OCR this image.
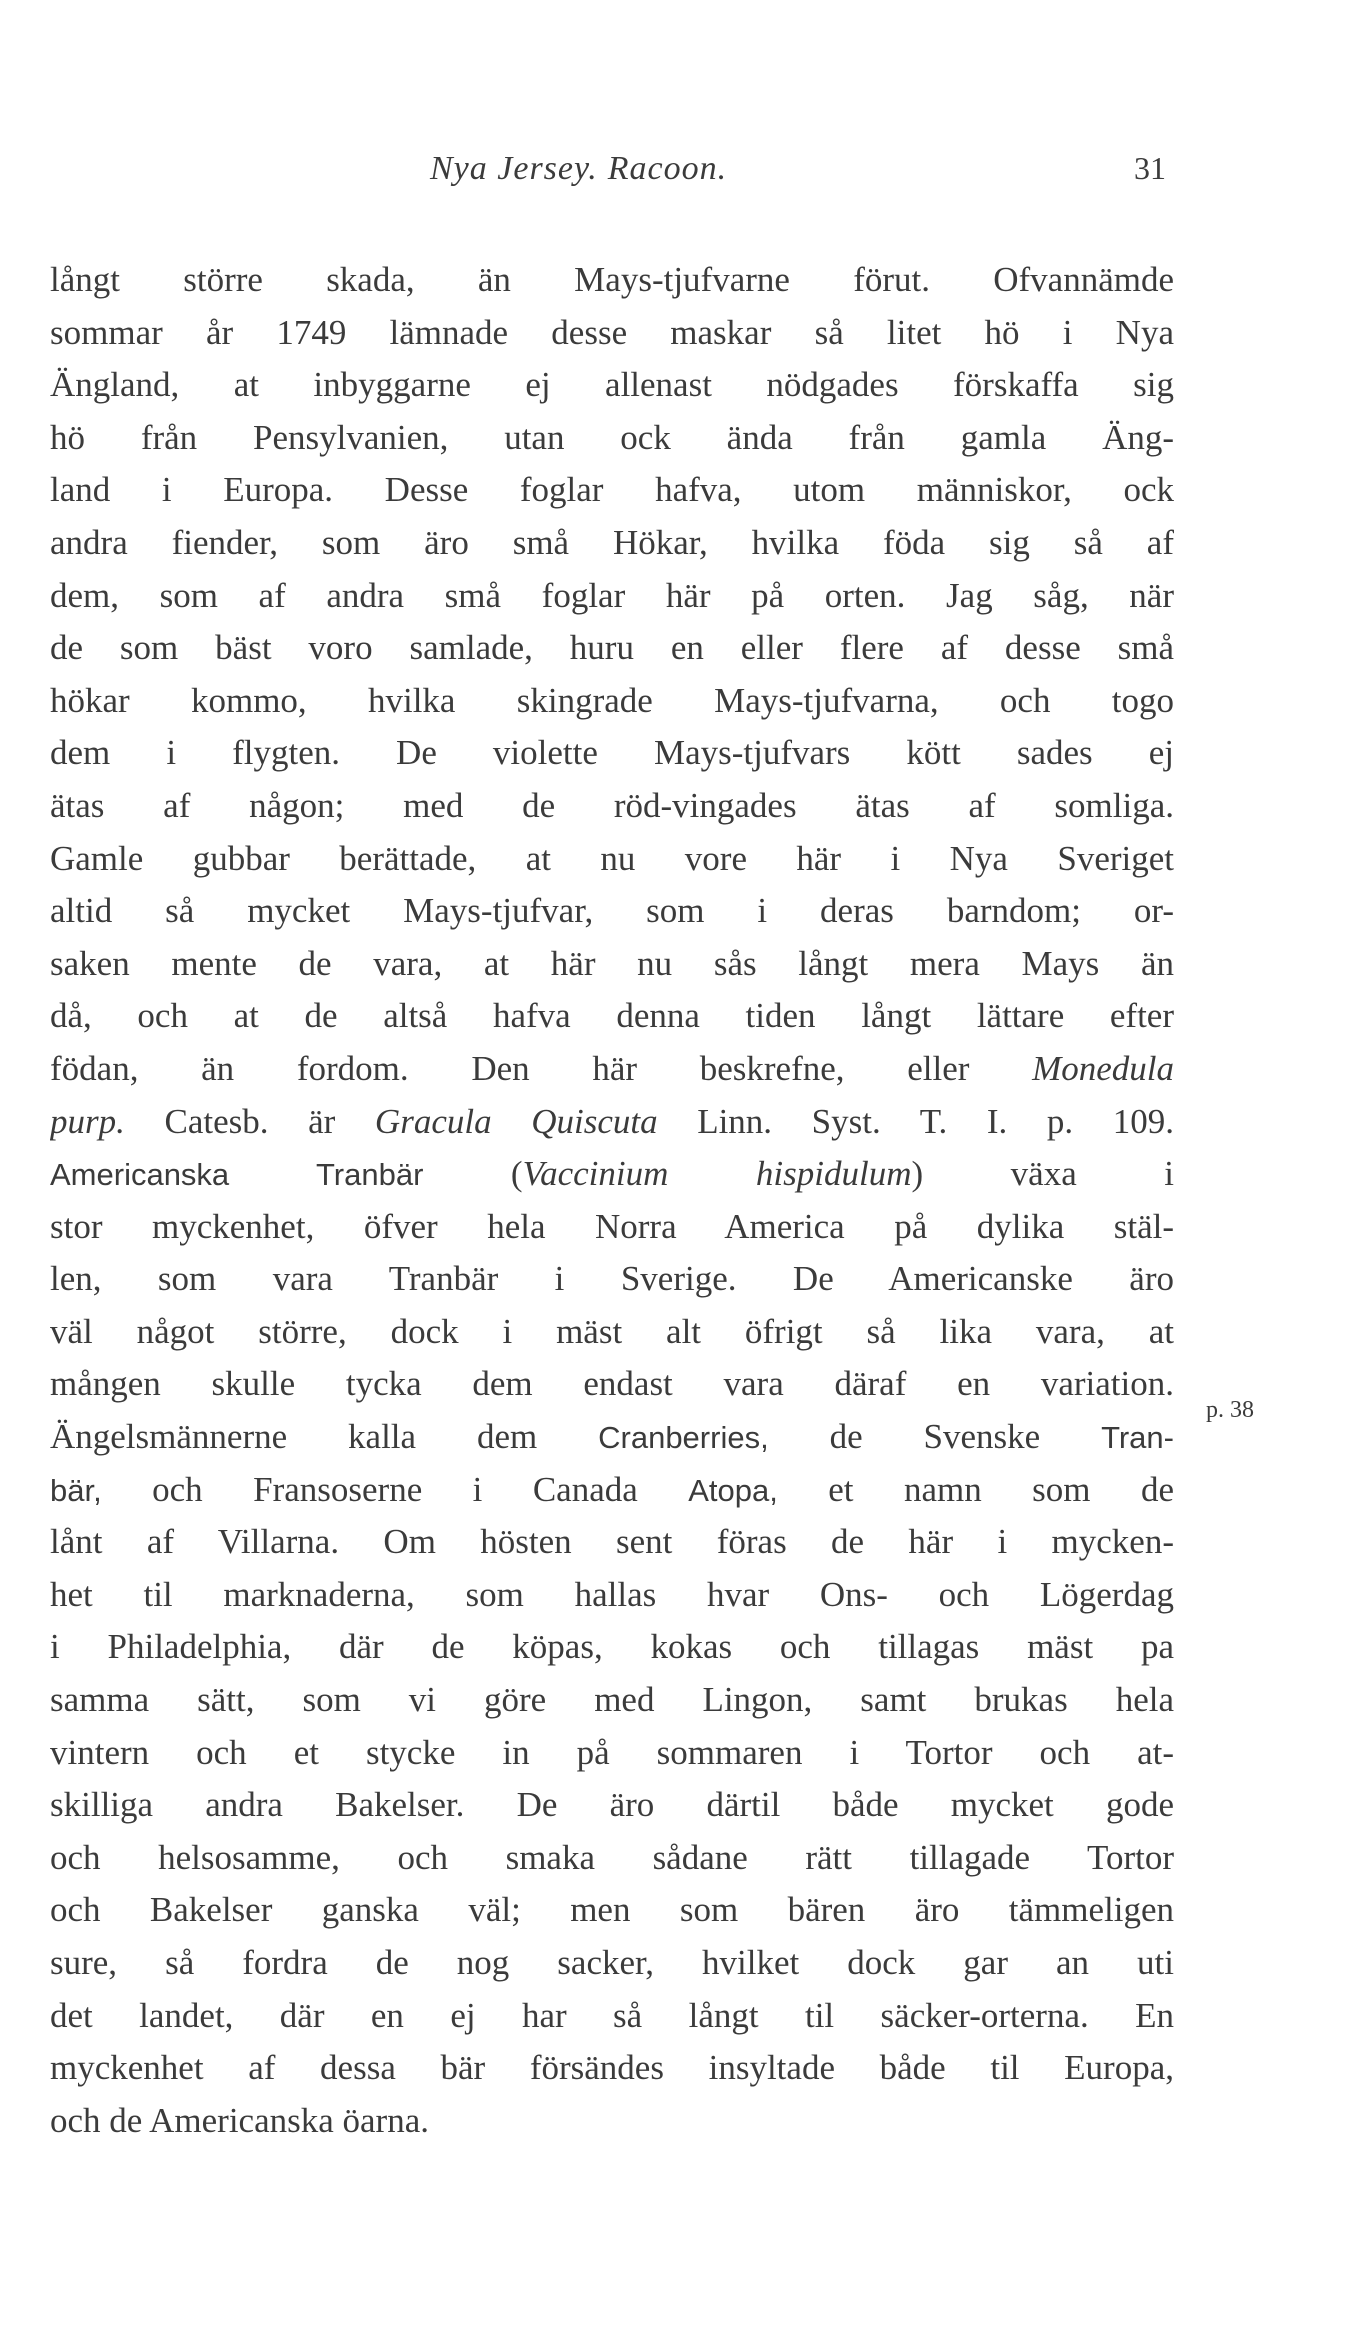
Nya Jersey. Racoon.	31
p. 38
långt större skada, än Mays-tjufvarne förut. Ofvannämde
sommar år 1749 lämnade desse maskar så litet hö i Nya
Ängland, at inbyggarne ej allenast nödgades förskaffa sig
hö från Pensylvanien, utan ock ända från gamla Äng-
land i Europa. Desse foglar hafva, utom människor, ock
andra fiender, som äro små Hökar, hvilka föda sig så af
dem, som af andra små foglar här på orten. Jag såg, när
de som bäst voro samlade, huru en eller flere af desse små
hökar kommo, hvilka skingrade Mays-tjufvarna, och togo
dem i flygten. De violette Mays-tjufvars kött sades ej
ätas af någon; med de röd-vingades ätas af somliga.
Gamle gubbar berättade, at nu vore här i Nya Sveriget
altid så mycket Mays-tjufvar, som i deras barndom; or-
saken mente de vara, at här nu sås långt mera Mays än
då, och at de altså hafva denna tiden långt lättare efter
födan, än fordom. Den här beskrefne, eller Monedula
purp. Catesb. är Gracula Quiscuta Linn. Syst. T. I. p. 109.
Americanska Tranbär (Vaccinium hispidulum) växa i
stor myckenhet, öfver hela Norra America på dylika stäl-
len, som vara Tranbär i Sverige. De Americanske äro
väl något större, dock i mäst alt öfrigt så lika vara, at
mången skulle tycka dem endast vara däraf en variation.
Ängelsmännerne kalla dem Cranberries, de Svenske Tran-
bär, och Fransoserne i Canada Atopa, et namn som de
lånt af Villarna. Om hösten sent föras de här i mycken-
het til marknaderna, som hallas hvar Ons- och Lögerdag
i Philadelphia, där de köpas, kokas och tillagas mäst pa
samma sätt, som vi göre med Lingon, samt brukas hela
vintern och et stycke in på sommaren i Tortor och at-
skilliga andra Bakelser. De äro därtil både mycket gode
och helsosamme, och smaka sådane rätt tillagade Tortor
och Bakelser ganska väl; men som bären äro tämmeligen
sure, så fordra de nog sacker, hvilket dock gar an uti
det landet, där en ej har så långt til säcker-orterna. En
myckenhet af dessa bär försändes insyltade både til Europa,
och de Americanska öarna.
